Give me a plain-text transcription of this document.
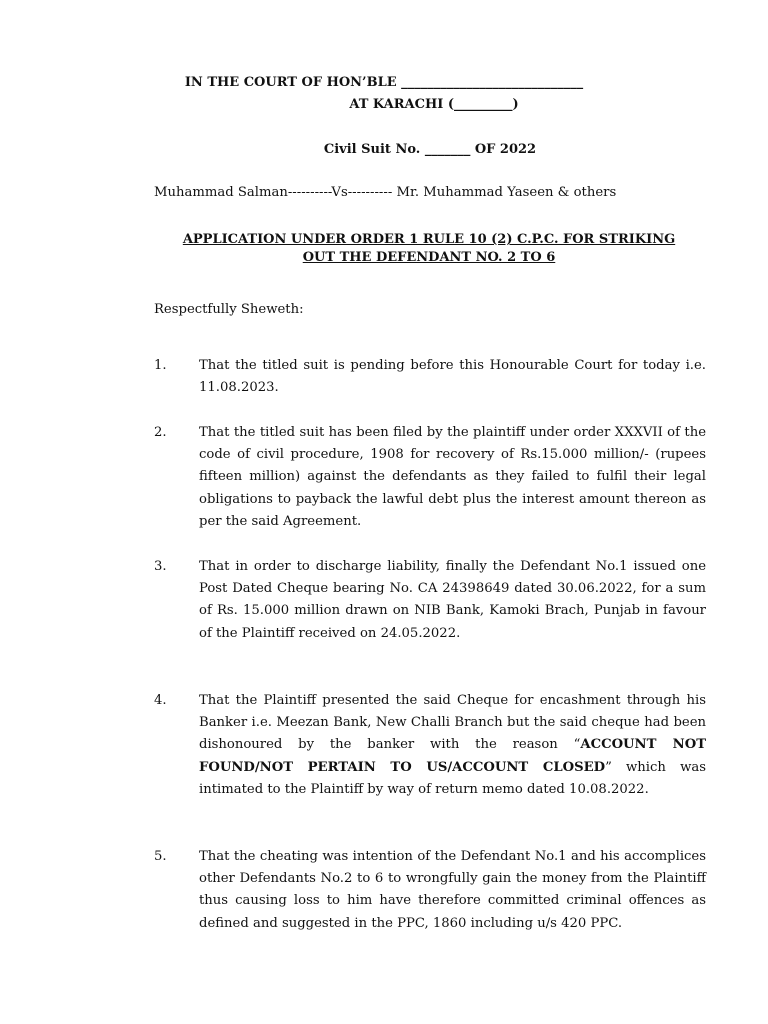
IN THE COURT OF HON’BLE ____________________________
AT KARACHI (_________)
Civil Suit No. _______ OF 2022
Muhammad Salman----------Vs---------- Mr. Muhammad Yaseen & others
APPLICATION UNDER ORDER 1 RULE 10 (2) C.P.C. FOR STRIKING
OUT THE DEFENDANT NO. 2 TO 6
Respectfully Sheweth:
1. That the titled suit is pending before this Honourable Court for today i.e. 11.08.2023.
2. That the titled suit has been filed by the plaintiff under order XXXVII of the code of civil procedure, 1908 for recovery of Rs.15.000 million/- (rupees fifteen million) against the defendants as they failed to fulfil their legal obligations to payback the lawful debt plus the interest amount thereon as per the said Agreement.
3. That in order to discharge liability, finally the Defendant No.1 issued one Post Dated Cheque bearing No. CA 24398649 dated 30.06.2022, for a sum of Rs. 15.000 million drawn on NIB Bank, Kamoki Brach, Punjab in favour of the Plaintiff received on 24.05.2022.
4. That the Plaintiff presented the said Cheque for encashment through his Banker i.e. Meezan Bank, New Challi Branch but the said cheque had been dishonoured by the banker with the reason “ACCOUNT NOT FOUND/NOT PERTAIN TO US/ACCOUNT CLOSED” which was intimated to the Plaintiff by way of return memo dated 10.08.2022.
5. That the cheating was intention of the Defendant No.1 and his accomplices other Defendants No.2 to 6 to wrongfully gain the money from the Plaintiff thus causing loss to him have therefore committed criminal offences as defined and suggested in the PPC, 1860 including u/s 420 PPC.
